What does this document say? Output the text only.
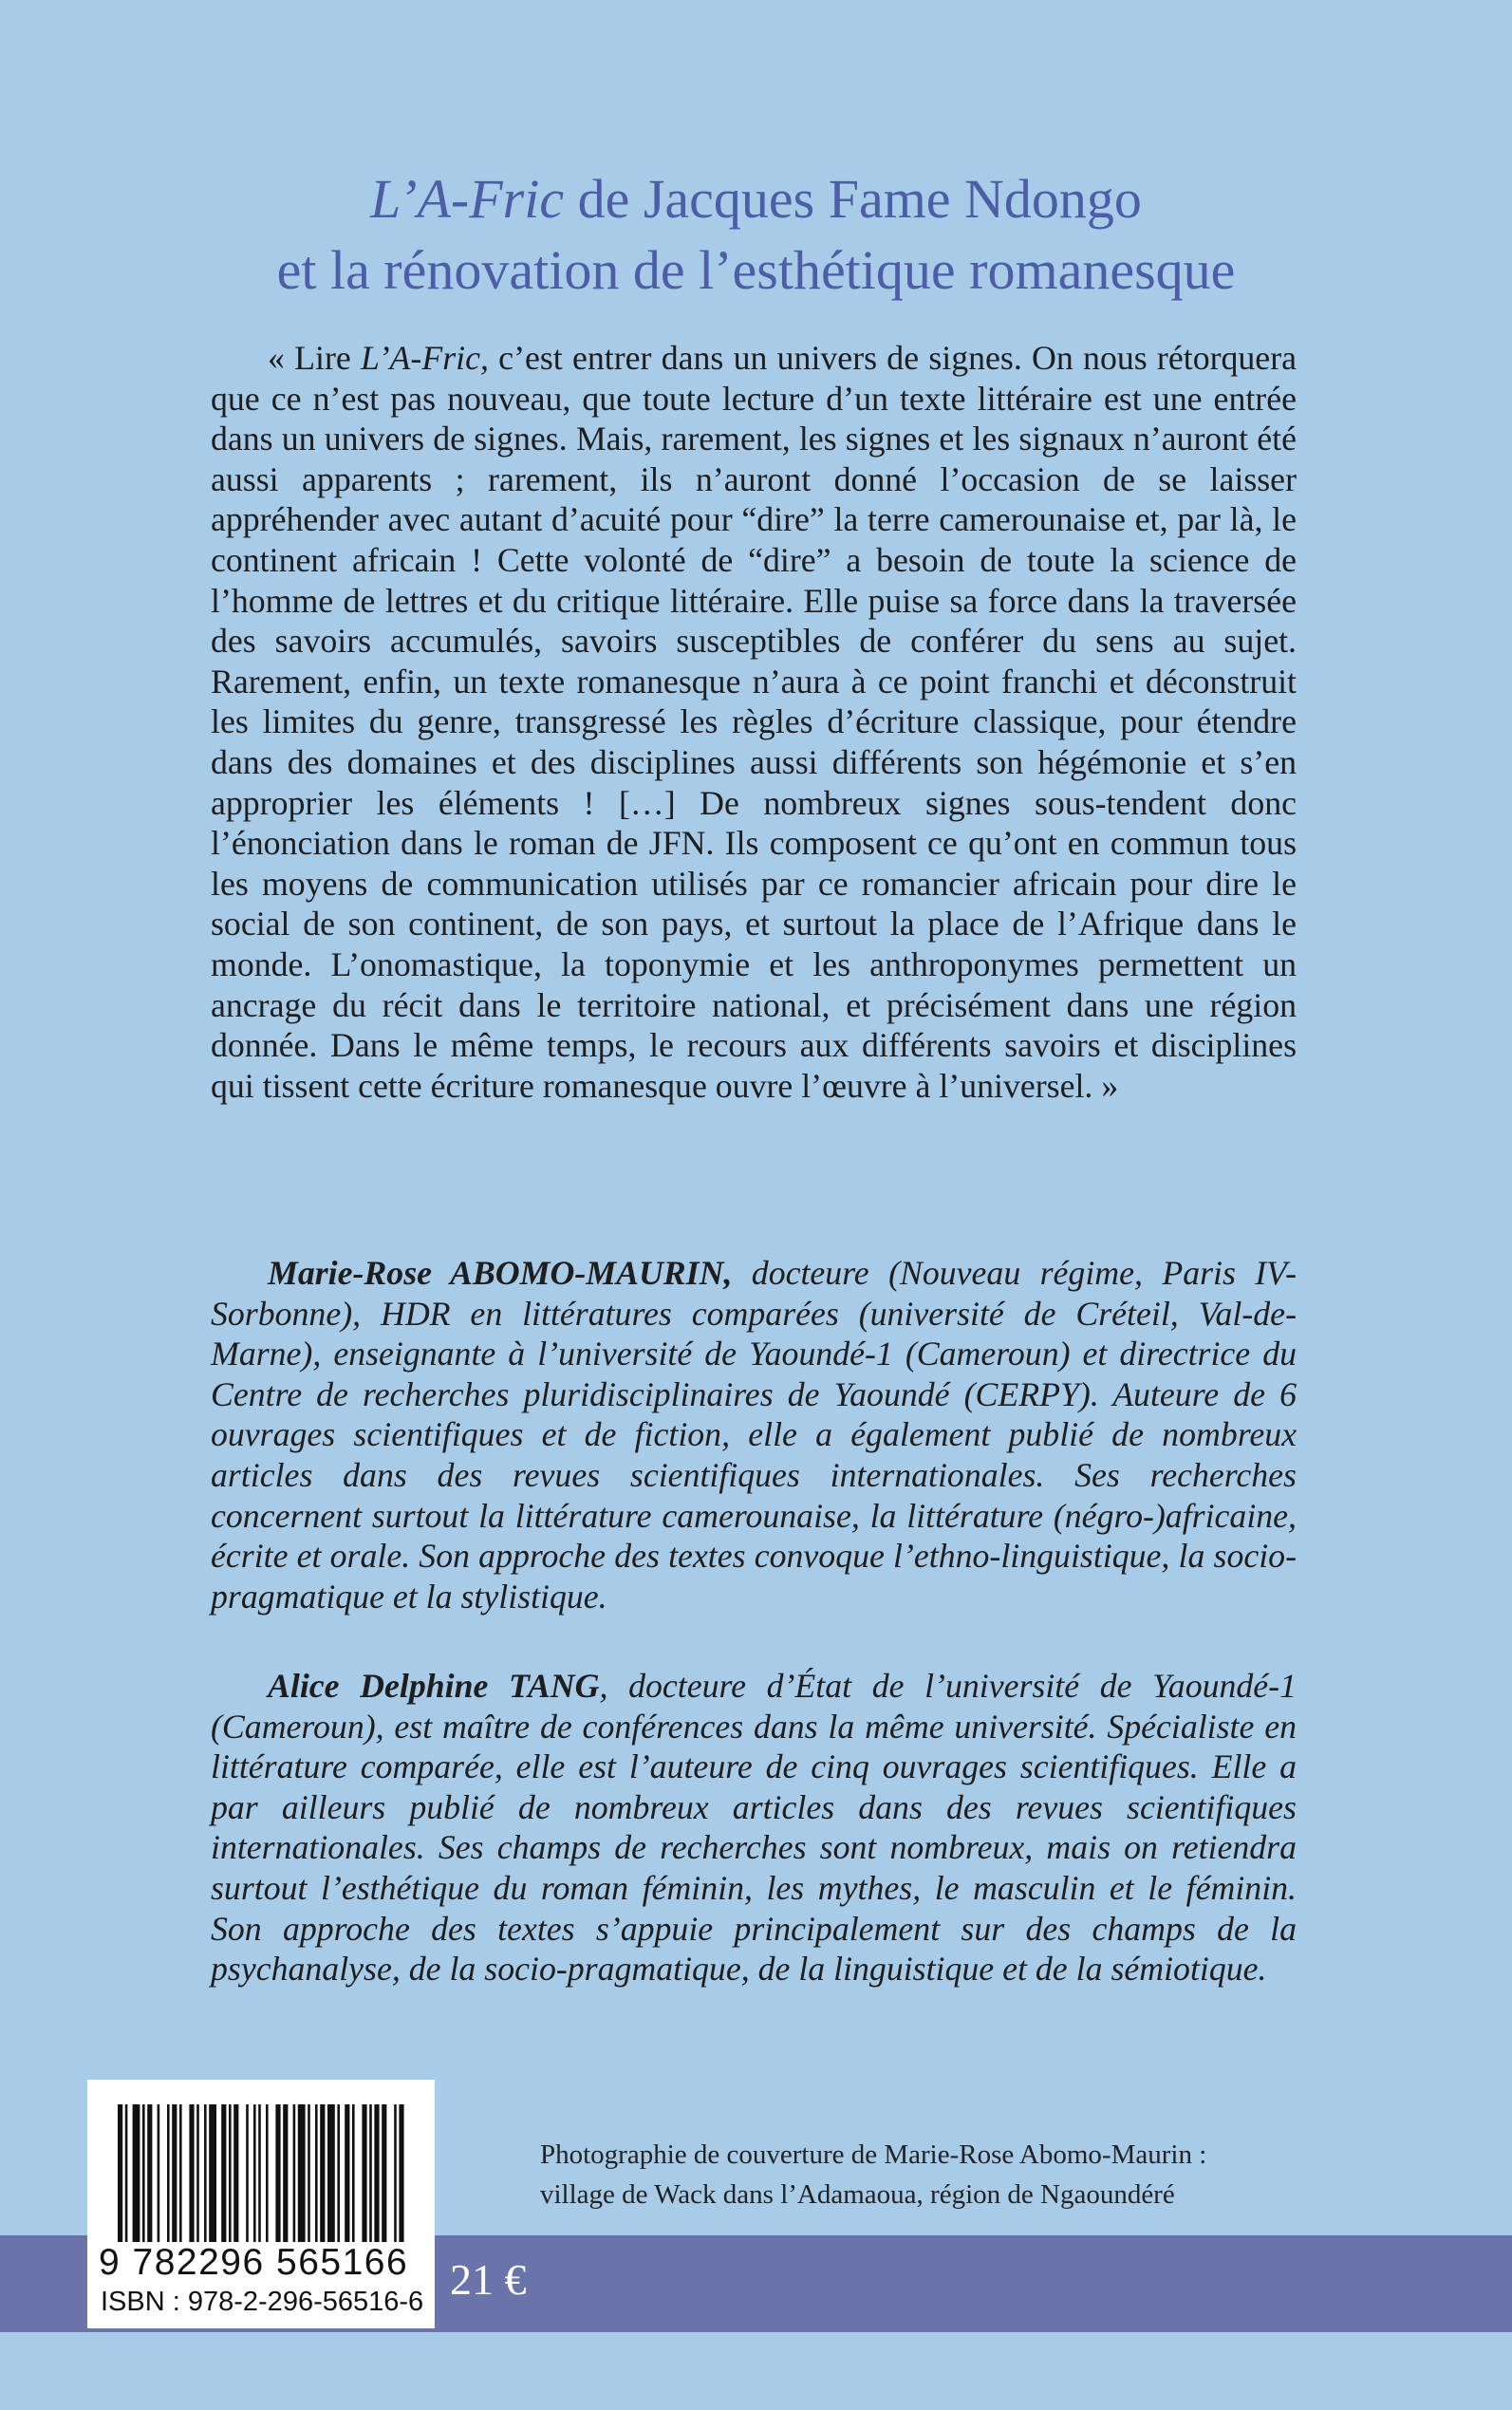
L’A-Fric de Jacques Fame Ndongo
et la rénovation de l’esthétique romanesque

« Lire L’A-Fric, c’est entrer dans un univers de signes. On nous rétorquera que ce n’est pas nouveau, que toute lecture d’un texte littéraire est une entrée dans un univers de signes. Mais, rarement, les signes et les signaux n’auront été aussi apparents ; rarement, ils n’auront donné l’occasion de se laisser appréhender avec autant d’acuité pour “dire” la terre camerounaise et, par là, le continent africain ! Cette volonté de “dire” a besoin de toute la science de l’homme de lettres et du critique littéraire. Elle puise sa force dans la traversée des savoirs accumulés, savoirs susceptibles de conférer du sens au sujet. Rarement, enfin, un texte romanesque n’aura à ce point franchi et déconstruit les limites du genre, transgressé les règles d’écriture classique, pour étendre dans des domaines et des disciplines aussi différents son hégémonie et s’en approprier les éléments ! […] De nombreux signes sous-tendent donc l’énonciation dans le roman de JFN. Ils composent ce qu’ont en commun tous les moyens de communication utilisés par ce romancier africain pour dire le social de son continent, de son pays, et surtout la place de l’Afrique dans le monde. L’onomastique, la toponymie et les anthroponymes permettent un ancrage du récit dans le territoire national, et précisément dans une région donnée. Dans le même temps, le recours aux différents savoirs et disciplines qui tissent cette écriture romanesque ouvre l’œuvre à l’universel. »

Marie-Rose ABOMO-MAURIN, docteure (Nouveau régime, Paris IV-Sorbonne), HDR en littératures comparées (université de Créteil, Val-de-Marne), enseignante à l’université de Yaoundé-1 (Cameroun) et directrice du Centre de recherches pluridisciplinaires de Yaoundé (CERPY). Auteure de 6 ouvrages scientifiques et de fiction, elle a également publié de nombreux articles dans des revues scientifiques internationales. Ses recherches concernent surtout la littérature camerounaise, la littérature (négro-)africaine, écrite et orale. Son approche des textes convoque l’ethno-linguistique, la socio-pragmatique et la stylistique.

Alice Delphine TANG, docteure d’État de l’université de Yaoundé-1 (Cameroun), est maître de conférences dans la même université. Spécialiste en littérature comparée, elle est l’auteure de cinq ouvrages scientifiques. Elle a par ailleurs publié de nombreux articles dans des revues scientifiques internationales. Ses champs de recherches sont nombreux, mais on retiendra surtout l’esthétique du roman féminin, les mythes, le masculin et le féminin. Son approche des textes s’appuie principalement sur des champs de la psychanalyse, de la socio-pragmatique, de la linguistique et de la sémiotique.

9 782296 565166
ISBN : 978-2-296-56516-6 21 €
Photographie de couverture de Marie-Rose Abomo-Maurin :
village de Wack dans l’Adamaoua, région de Ngaoundéré
